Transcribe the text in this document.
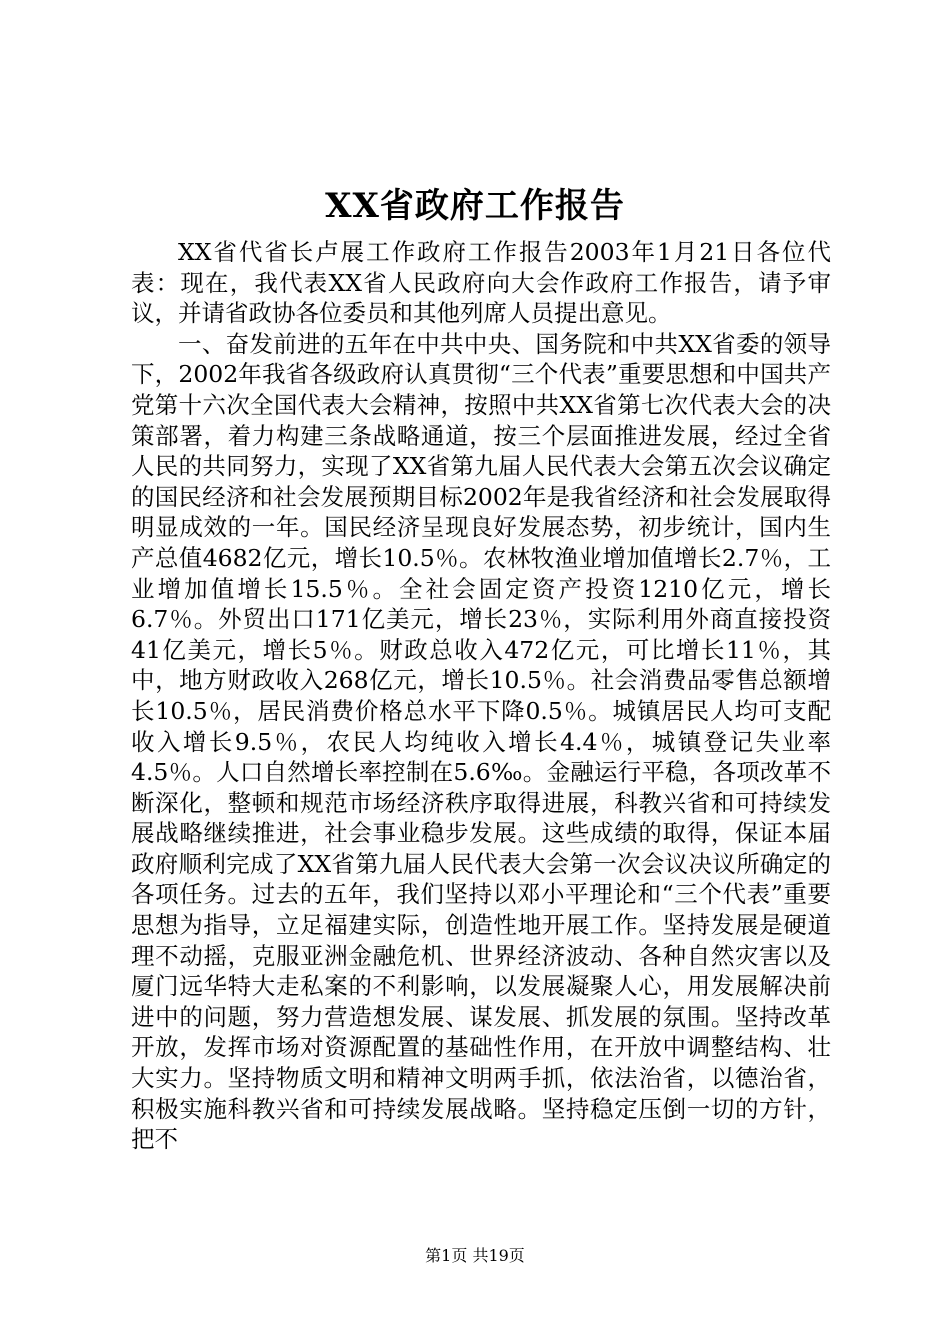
XX省政府工作报告

XX省代省长卢展工作政府工作报告2003年1月21日各位代表：现在，我代表XX省人民政府向大会作政府工作报告，请予审议，并请省政协各位委员和其他列席人员提出意见。

一、奋发前进的五年在中共中央、国务院和中共XX省委的领导下，2002年我省各级政府认真贯彻“三个代表”重要思想和中国共产党第十六次全国代表大会精神，按照中共XX省第七次代表大会的决策部署，着力构建三条战略通道，按三个层面推进发展，经过全省人民的共同努力，实现了XX省第九届人民代表大会第五次会议确定的国民经济和社会发展预期目标2002年是我省经济和社会发展取得明显成效的一年。国民经济呈现良好发展态势，初步统计，国内生产总值4682亿元，增长10.5％。农林牧渔业增加值增长2.7％，工业增加值增长15.5％。全社会固定资产投资1210亿元，增长6.7％。外贸出口171亿美元，增长23％，实际利用外商直接投资41亿美元，增长5％。财政总收入472亿元，可比增长11％，其中，地方财政收入268亿元，增长10.5％。社会消费品零售总额增长10.5％，居民消费价格总水平下降0.5％。城镇居民人均可支配收入增长9.5％，农民人均纯收入增长4.4％，城镇登记失业率4.5％。人口自然增长率控制在5.6‰。金融运行平稳，各项改革不断深化，整顿和规范市场经济秩序取得进展，科教兴省和可持续发展战略继续推进，社会事业稳步发展。这些成绩的取得，保证本届政府顺利完成了XX省第九届人民代表大会第一次会议决议所确定的各项任务。过去的五年，我们坚持以邓小平理论和“三个代表”重要思想为指导，立足福建实际，创造性地开展工作。坚持发展是硬道理不动摇，克服亚洲金融危机、世界经济波动、各种自然灾害以及厦门远华特大走私案的不利影响，以发展凝聚人心，用发展解决前进中的问题，努力营造想发展、谋发展、抓发展的氛围。坚持改革开放，发挥市场对资源配置的基础性作用，在开放中调整结构、壮大实力。坚持物质文明和精神文明两手抓，依法治省，以德治省，积极实施科教兴省和可持续发展战略。坚持稳定压倒一切的方针，把不

第1页 共19页
